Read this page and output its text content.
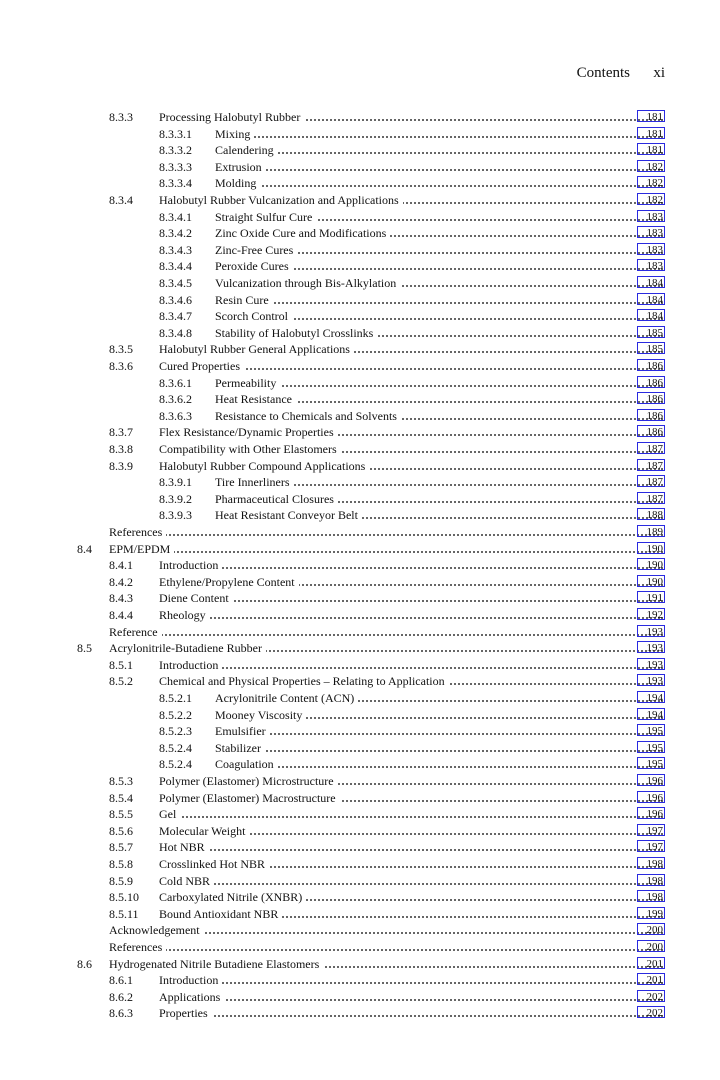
Contents xi
8.3.3 Processing Halobutyl Rubber	181
8.3.3.1 Mixing	181
8.3.3.2 Calendering	181
8.3.3.3 Extrusion	182
8.3.3.4 Molding	182
8.3.4 Halobutyl Rubber Vulcanization and Applications	182
8.3.4.1 Straight Sulfur Cure	183
8.3.4.2 Zinc Oxide Cure and Modifications	183
8.3.4.3 Zinc-Free Cures	183
8.3.4.4 Peroxide Cures	183
8.3.4.5 Vulcanization through Bis-Alkylation	184
8.3.4.6 Resin Cure	184
8.3.4.7 Scorch Control	184
8.3.4.8 Stability of Halobutyl Crosslinks	185
8.3.5 Halobutyl Rubber General Applications	185
8.3.6 Cured Properties	186
8.3.6.1 Permeability	186
8.3.6.2 Heat Resistance	186
8.3.6.3 Resistance to Chemicals and Solvents	186
8.3.7 Flex Resistance/Dynamic Properties	186
8.3.8 Compatibility with Other Elastomers	187
8.3.9 Halobutyl Rubber Compound Applications	187
8.3.9.1 Tire Innerliners	187
8.3.9.2 Pharmaceutical Closures	187
8.3.9.3 Heat Resistant Conveyor Belt	188
References	189
8.4 EPM/EPDM	190
8.4.1 Introduction	190
8.4.2 Ethylene/Propylene Content	190
8.4.3 Diene Content	191
8.4.4 Rheology	192
Reference	193
8.5 Acrylonitrile-Butadiene Rubber	193
8.5.1 Introduction	193
8.5.2 Chemical and Physical Properties – Relating to Application	193
8.5.2.1 Acrylonitrile Content (ACN)	194
8.5.2.2 Mooney Viscosity	194
8.5.2.3 Emulsifier	195
8.5.2.4 Stabilizer	195
8.5.2.4 Coagulation	195
8.5.3 Polymer (Elastomer) Microstructure	196
8.5.4 Polymer (Elastomer) Macrostructure	196
8.5.5 Gel	196
8.5.6 Molecular Weight	197
8.5.7 Hot NBR	197
8.5.8 Crosslinked Hot NBR	198
8.5.9 Cold NBR	198
8.5.10 Carboxylated Nitrile (XNBR)	198
8.5.11 Bound Antioxidant NBR	199
Acknowledgement	200
References	200
8.6 Hydrogenated Nitrile Butadiene Elastomers	201
8.6.1 Introduction	201
8.6.2 Applications	202
8.6.3 Properties	202
